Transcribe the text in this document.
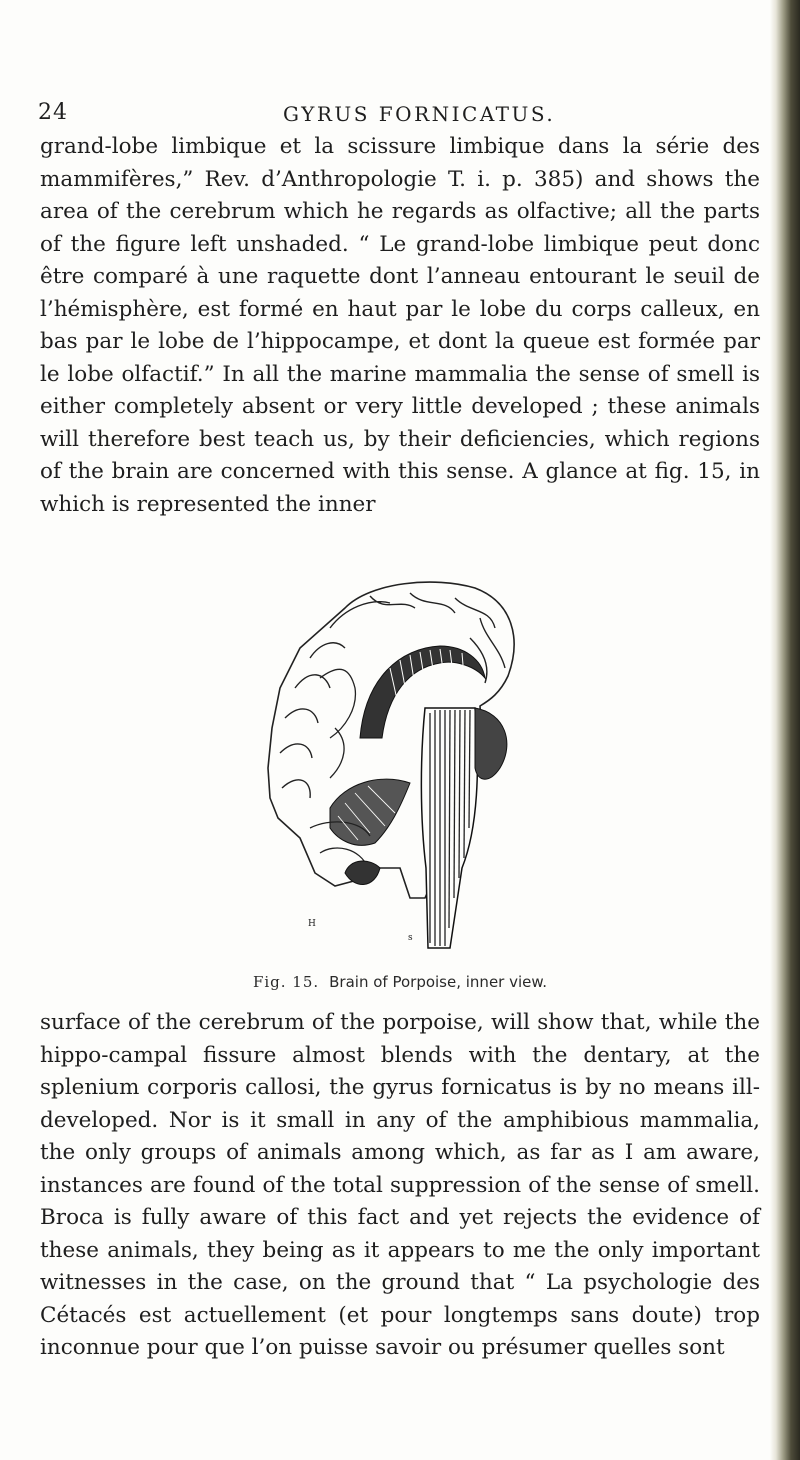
24	GYRUS FORNICATUS.

grand-lobe limbique et la scissure limbique dans la série des mammifères,” Rev. d’Anthropologie T. i. p. 385) and shows the area of the cerebrum which he regards as olfactive; all the parts of the figure left unshaded. “ Le grand-lobe limbique peut donc être comparé à une raquette dont l’anneau entourant le seuil de l’hémisphère, est formé en haut par le lobe du corps calleux, en bas par le lobe de l’hippocampe, et dont la queue est formée par le lobe olfactif.” In all the marine mammalia the sense of smell is either completely absent or very little developed ; these animals will therefore best teach us, by their deficiencies, which regions of the brain are concerned with this sense. A glance at fig. 15, in which is represented the inner

H
s
Fig. 15. Brain of Porpoise, inner view.

surface of the cerebrum of the porpoise, will show that, while the hippo-campal fissure almost blends with the dentary, at the splenium corporis callosi, the gyrus fornicatus is by no means ill-developed. Nor is it small in any of the amphibious mammalia, the only groups of animals among which, as far as I am aware, instances are found of the total suppression of the sense of smell. Broca is fully aware of this fact and yet rejects the evidence of these animals, they being as it appears to me the only important witnesses in the case, on the ground that “ La psychologie des Cétacés est actuellement (et pour longtemps sans doute) trop inconnue pour que l’on puisse savoir ou présumer quelles sont
